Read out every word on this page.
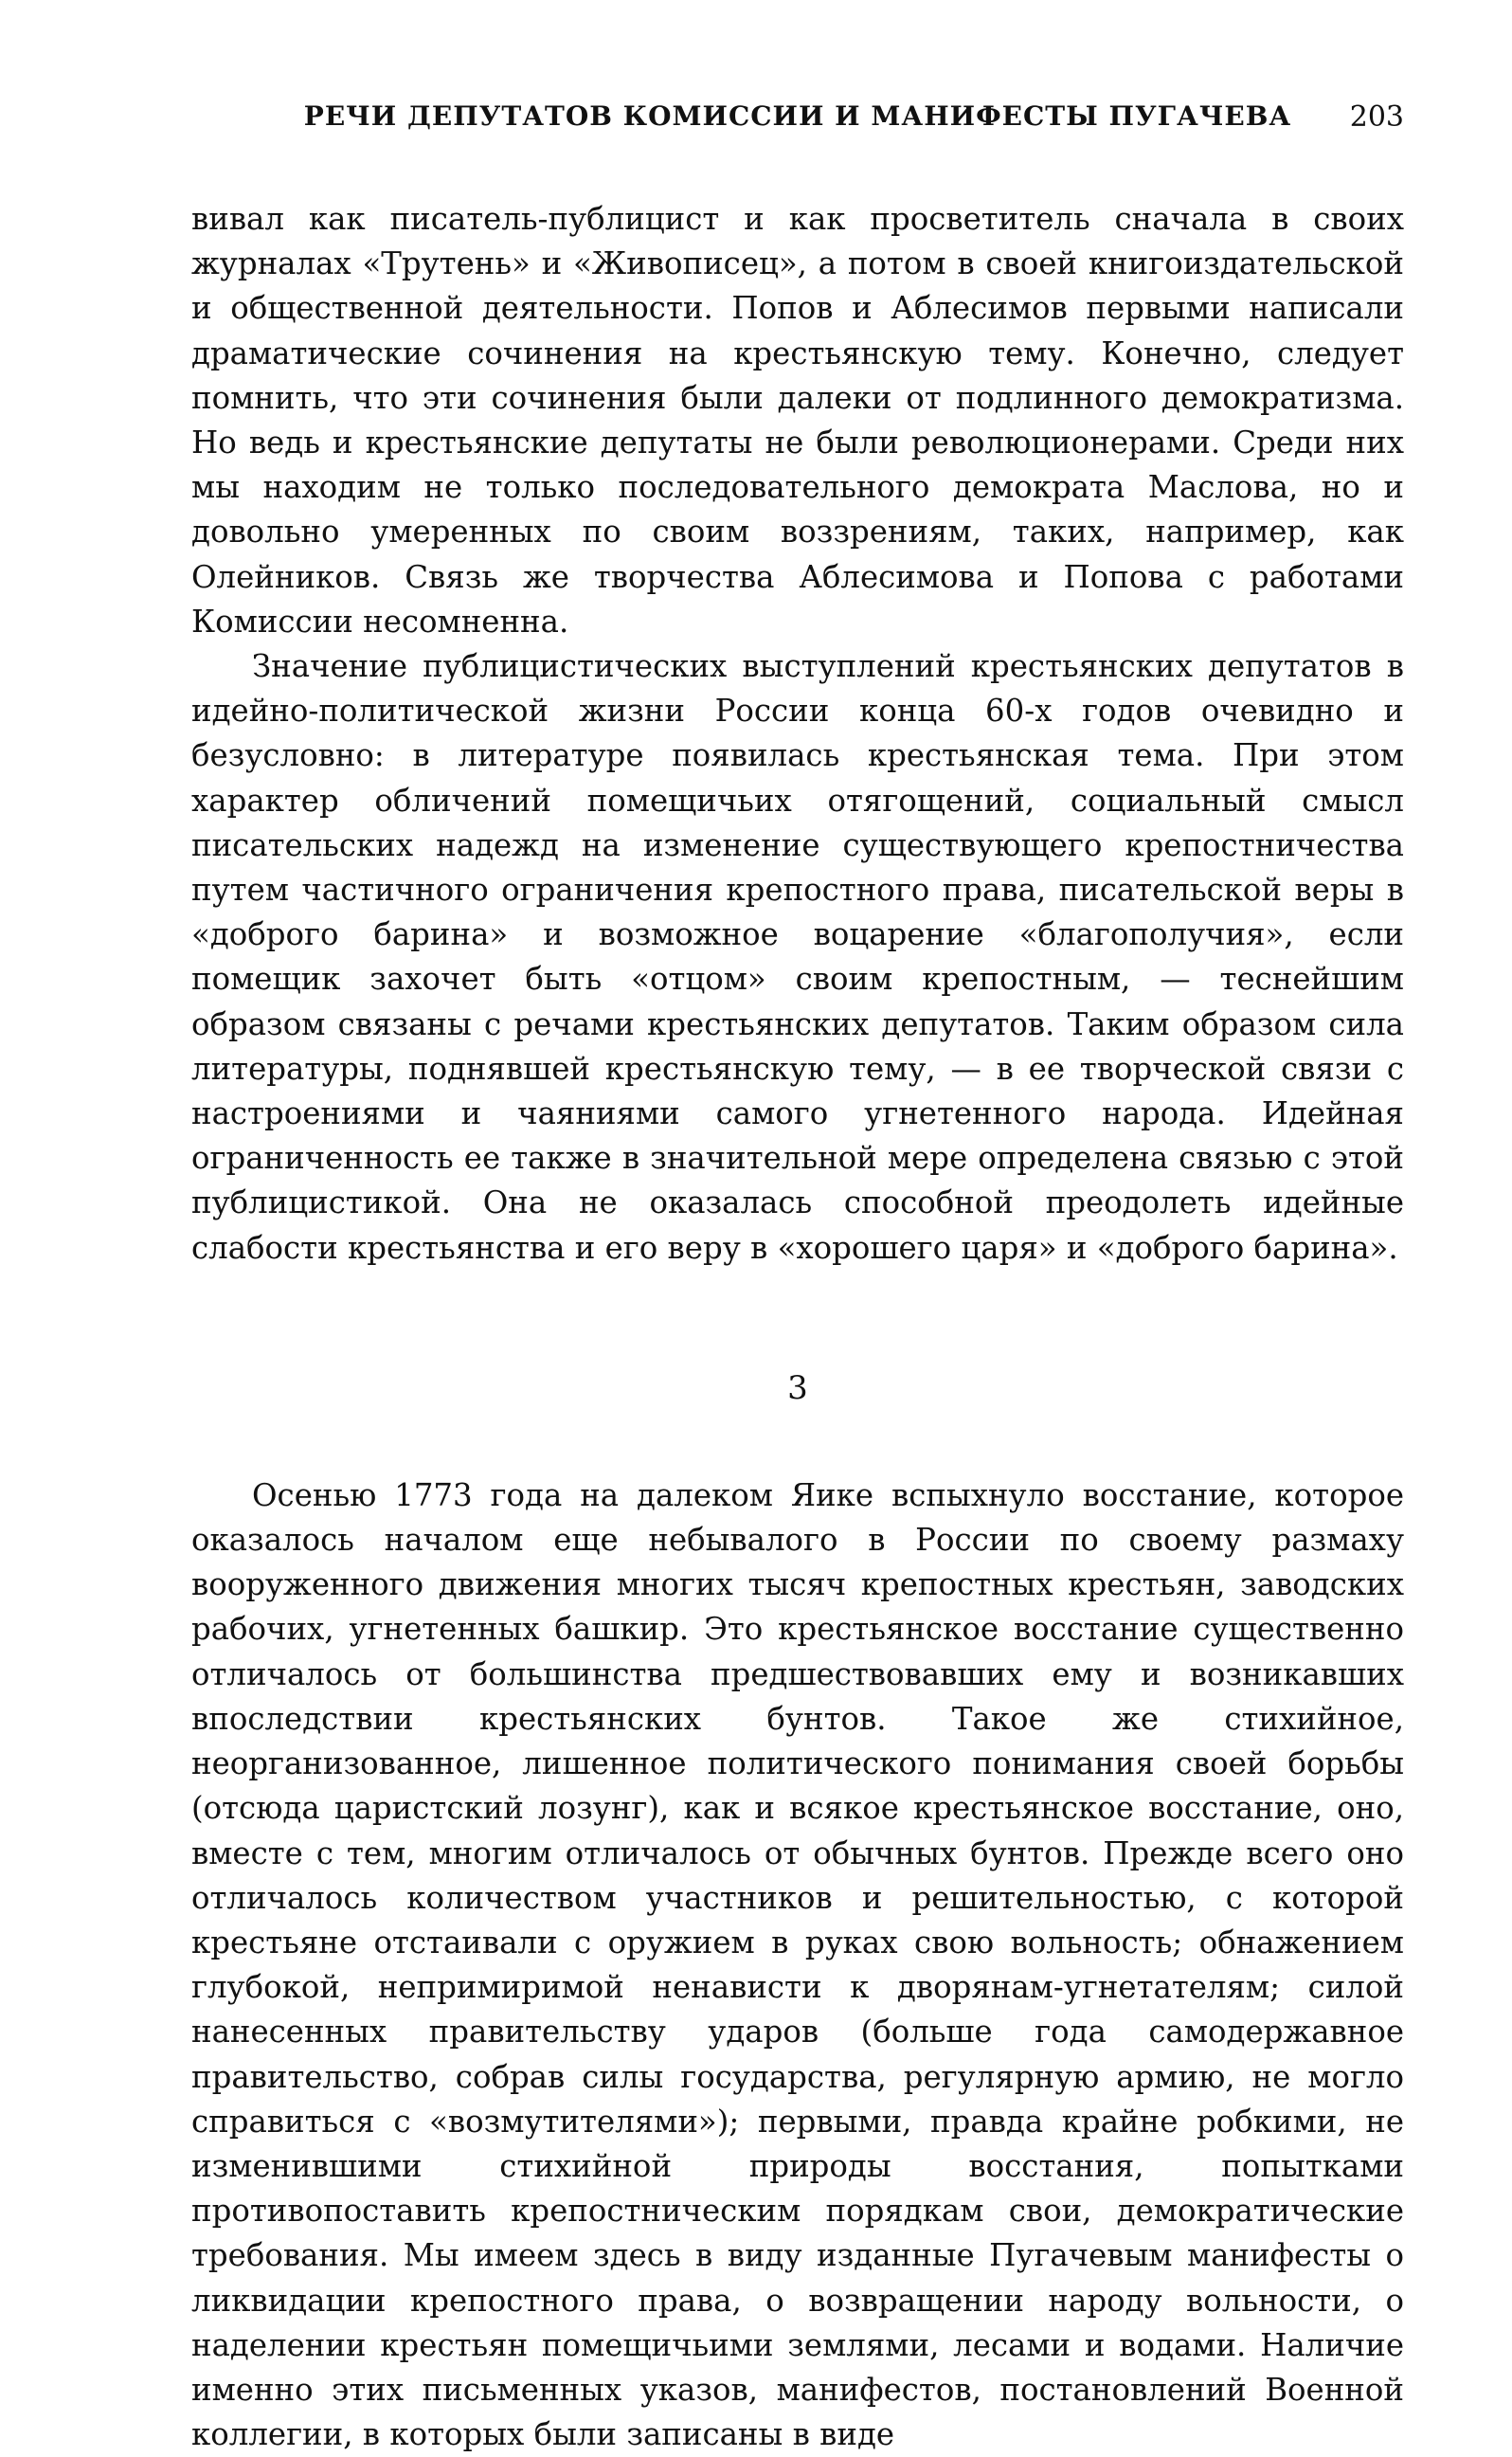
РЕЧИ ДЕПУТАТОВ КОМИССИИ И МАНИФЕСТЫ ПУГАЧЕВА	203

вивал как писатель-публицист и как просветитель сначала в своих журналах «Трутень» и «Живописец», а потом в своей книгоиздательской и общественной деятельности. Попов и Аблесимов первыми написали драматические сочинения на крестьянскую тему. Конечно, следует помнить, что эти сочинения были далеки от подлинного демократизма. Но ведь и крестьянские депутаты не были революционерами. Среди них мы находим не только последовательного демократа Маслова, но и довольно умеренных по своим воззрениям, таких, например, как Олейников. Связь же творчества Аблесимова и Попова с работами Комиссии несомненна.

Значение публицистических выступлений крестьянских депутатов в идейно-политической жизни России конца 60-х годов очевидно и безусловно: в литературе появилась крестьянская тема. При этом характер обличений помещичьих отягощений, социальный смысл писательских надежд на изменение существующего крепостничества путем частичного ограничения крепостного права, писательской веры в «доброго барина» и возможное воцарение «благополучия», если помещик захочет быть «отцом» своим крепостным, — теснейшим образом связаны с речами крестьянских депутатов. Таким образом сила литературы, поднявшей крестьянскую тему, — в ее творческой связи с настроениями и чаяниями самого угнетенного народа. Идейная ограниченность ее также в значительной мере определена связью с этой публицистикой. Она не оказалась способной преодолеть идейные слабости крестьянства и его веру в «хорошего царя» и «доброго барина».

3

Осенью 1773 года на далеком Яике вспыхнуло восстание, которое оказалось началом еще небывалого в России по своему размаху вооруженного движения многих тысяч крепостных крестьян, заводских рабочих, угнетенных башкир. Это крестьянское восстание существенно отличалось от большинства предшествовавших ему и возникавших впоследствии крестьянских бунтов. Такое же стихийное, неорганизованное, лишенное политического понимания своей борьбы (отсюда царистский лозунг), как и всякое крестьянское восстание, оно, вместе с тем, многим отличалось от обычных бунтов. Прежде всего оно отличалось количеством участников и решительностью, с которой крестьяне отстаивали с оружием в руках свою вольность; обнажением глубокой, непримиримой ненависти к дворянам-угнетателям; силой нанесенных правительству ударов (больше года самодержавное правительство, собрав силы государства, регулярную армию, не могло справиться с «возмутителями»); первыми, правда крайне робкими, не изменившими стихийной природы восстания, попытками противопоставить крепостническим порядкам свои, демократические требования. Мы имеем здесь в виду изданные Пугачевым манифесты о ликвидации крепостного права, о возвращении народу вольности, о наделении крестьян помещичьими землями, лесами и водами. Наличие именно этих письменных указов, манифестов, постановлений Военной коллегии, в которых были записаны в виде
